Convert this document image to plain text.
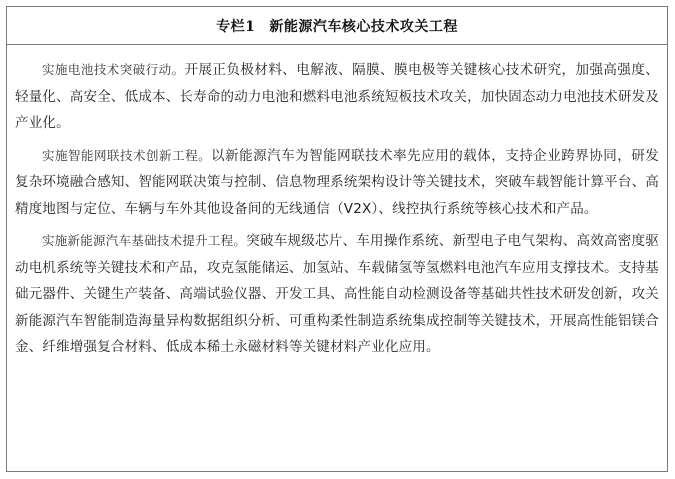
专栏1 新能源汽车核心技术攻关工程

实施电池技术突破行动。开展正负极材料、电解液、隔膜、膜电极等关键核心技术研究，加强高强度、轻量化、高安全、低成本、长寿命的动力电池和燃料电池系统短板技术攻关，加快固态动力电池技术研发及产业化。

实施智能网联技术创新工程。以新能源汽车为智能网联技术率先应用的载体，支持企业跨界协同，研发复杂环境融合感知、智能网联决策与控制、信息物理系统架构设计等关键技术，突破车载智能计算平台、高精度地图与定位、车辆与车外其他设备间的无线通信（V2X）、线控执行系统等核心技术和产品。

实施新能源汽车基础技术提升工程。突破车规级芯片、车用操作系统、新型电子电气架构、高效高密度驱动电机系统等关键技术和产品，攻克氢能储运、加氢站、车载储氢等氢燃料电池汽车应用支撑技术。支持基础元器件、关键生产装备、高端试验仪器、开发工具、高性能自动检测设备等基础共性技术研发创新，攻关新能源汽车智能制造海量异构数据组织分析、可重构柔性制造系统集成控制等关键技术，开展高性能铝镁合金、纤维增强复合材料、低成本稀土永磁材料等关键材料产业化应用。
